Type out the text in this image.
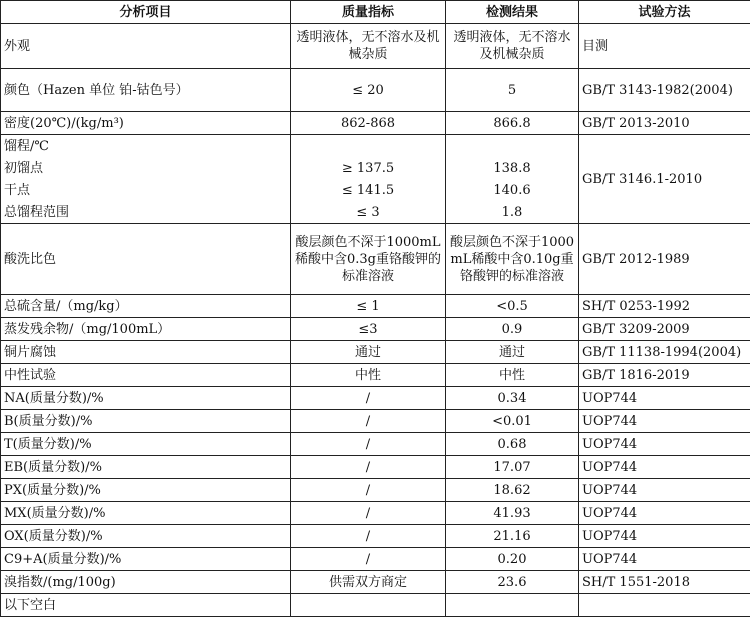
分析项目	质量指标	检测结果	试验方法
外观	透明液体，无不溶水及机械杂质	透明液体，无不溶水及机械杂质	目测
颜色（Hazen 单位 铂-钴色号）	≤ 20	5	GB/T 3143-1982(2004)
密度(20℃)/(kg/m³)	862-868	866.8	GB/T 2013-2010
馏程/℃			GB/T 3146.1-2010
初馏点	≥ 137.5	138.8	
干点	≤ 141.5	140.6	
总馏程范围	≤ 3	1.8	
酸洗比色	酸层颜色不深于1000mL稀酸中含0.3g重铬酸钾的标准溶液	酸层颜色不深于1000mL稀酸中含0.10g重铬酸钾的标准溶液	GB/T 2012-1989
总硫含量/（mg/kg）	≤ 1	<0.5	SH/T 0253-1992
蒸发残余物/（mg/100mL）	≤3	0.9	GB/T 3209-2009
铜片腐蚀	通过	通过	GB/T 11138-1994(2004)
中性试验	中性	中性	GB/T 1816-2019
NA(质量分数)/%	/	0.34	UOP744
B(质量分数)/%	/	<0.01	UOP744
T(质量分数)/%	/	0.68	UOP744
EB(质量分数)/%	/	17.07	UOP744
PX(质量分数)/%	/	18.62	UOP744
MX(质量分数)/%	/	41.93	UOP744
OX(质量分数)/%	/	21.16	UOP744
C9+A(质量分数)/%	/	0.20	UOP744
溴指数/(mg/100g)	供需双方商定	23.6	SH/T 1551-2018
以下空白			
